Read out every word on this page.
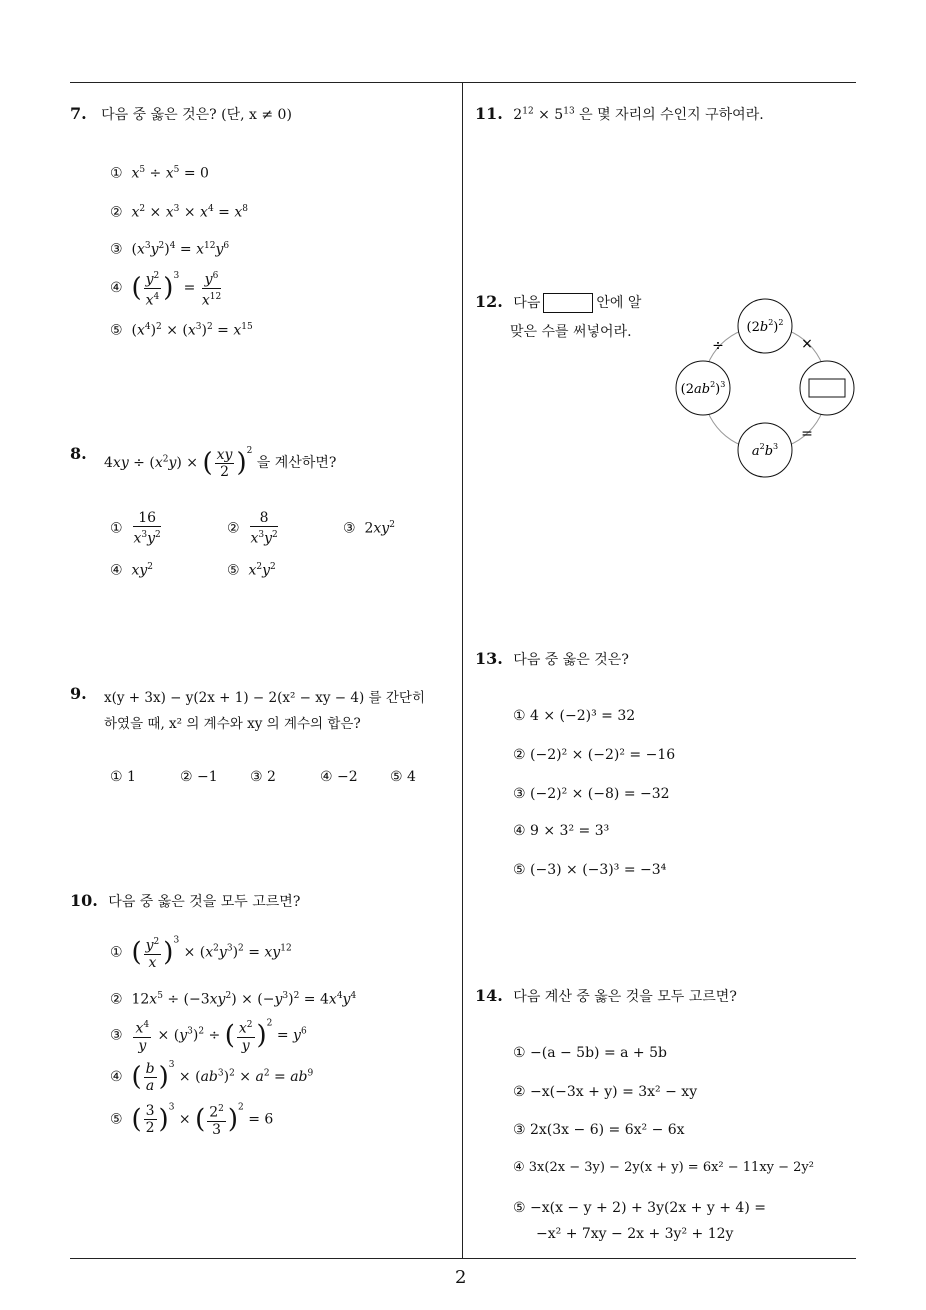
7. 다음 중 옳은 것은? (단, x ≠ 0)
① $x^5 \div x^5 = 0$
② $x^2 \times x^3 \times x^4 = x^8$
③  $(x^3y^2)^4 = x^{12}y^6$
④ ( $\frac{y^2}{x^4} )^3 = \frac{y^6}{x^{12}}$
⑤  $(x^4)^2 \times (x^3)^2 = x^{15}$
8. $4xy \div (x^2y)$ × ( $\frac{xy}{2} )^2$ 을 계산하면?
① $\frac{16}{x^3y^2}$	② $\frac{8}{x^3y^2}$	③  $2xy^2$
④ $xy^2$	⑤ $x^2y^2$
9. x(y + 3x) − y(2x + 1) − 2(x² − xy − 4) 를 간단히
하였을 때, x² 의 계수와 xy 의 계수의 합은?
① 1	② −1 ③ 2	④ −2 ⑤ 4
10. 다음 중 옳은 것을 모두 고르면?
① ( $\frac{y^2}{x} )^3 \times (x^2y^3)^2 = xy^{12}$
②  $12x^5 \div (-3xy^2) \times (-y^3)^2 = 4x^4y^4$
③ $\frac{x^4}{y} \times (y^3)^2$ ÷ ( $\frac{x^2}{y} )^2 = y^6$
④ ( $\frac{b}{a} )^3 \times (ab^3)^2 \times a^2 = ab^9$
⑤ ( $\frac{3}{2} )^3$ × ( $\frac{2^2}{3} )^2 = 6$
11. $2^{12} \times 5^{13}$ 은 몇 자리의 수인지 구하여라.
12. 다음	안에 알
맞은 수를 써넣어라.	$(2b^2)^2$
$(2ab^2)^3$
$a^2b^3$
÷	×
=
13. 다음 중 옳은 것은?
① 4 × (−2)³ = 32
② (−2)² × (−2)² = −16
③ (−2)² × (−8) = −32
④ 9 × 3² = 3³
⑤ (−3) × (−3)³ = −3⁴
14. 다음 계산 중 옳은 것을 모두 고르면?
① −(a − 5b) = a + 5b
② −x(−3x + y) = 3x² − xy
③ 2x(3x − 6) = 6x² − 6x
④ 3x(2x − 3y) − 2y(x + y) = 6x² − 11xy − 2y²
⑤ −x(x − y + 2) + 3y(2x + y + 4) =
−x² + 7xy − 2x + 3y² + 12y
2
